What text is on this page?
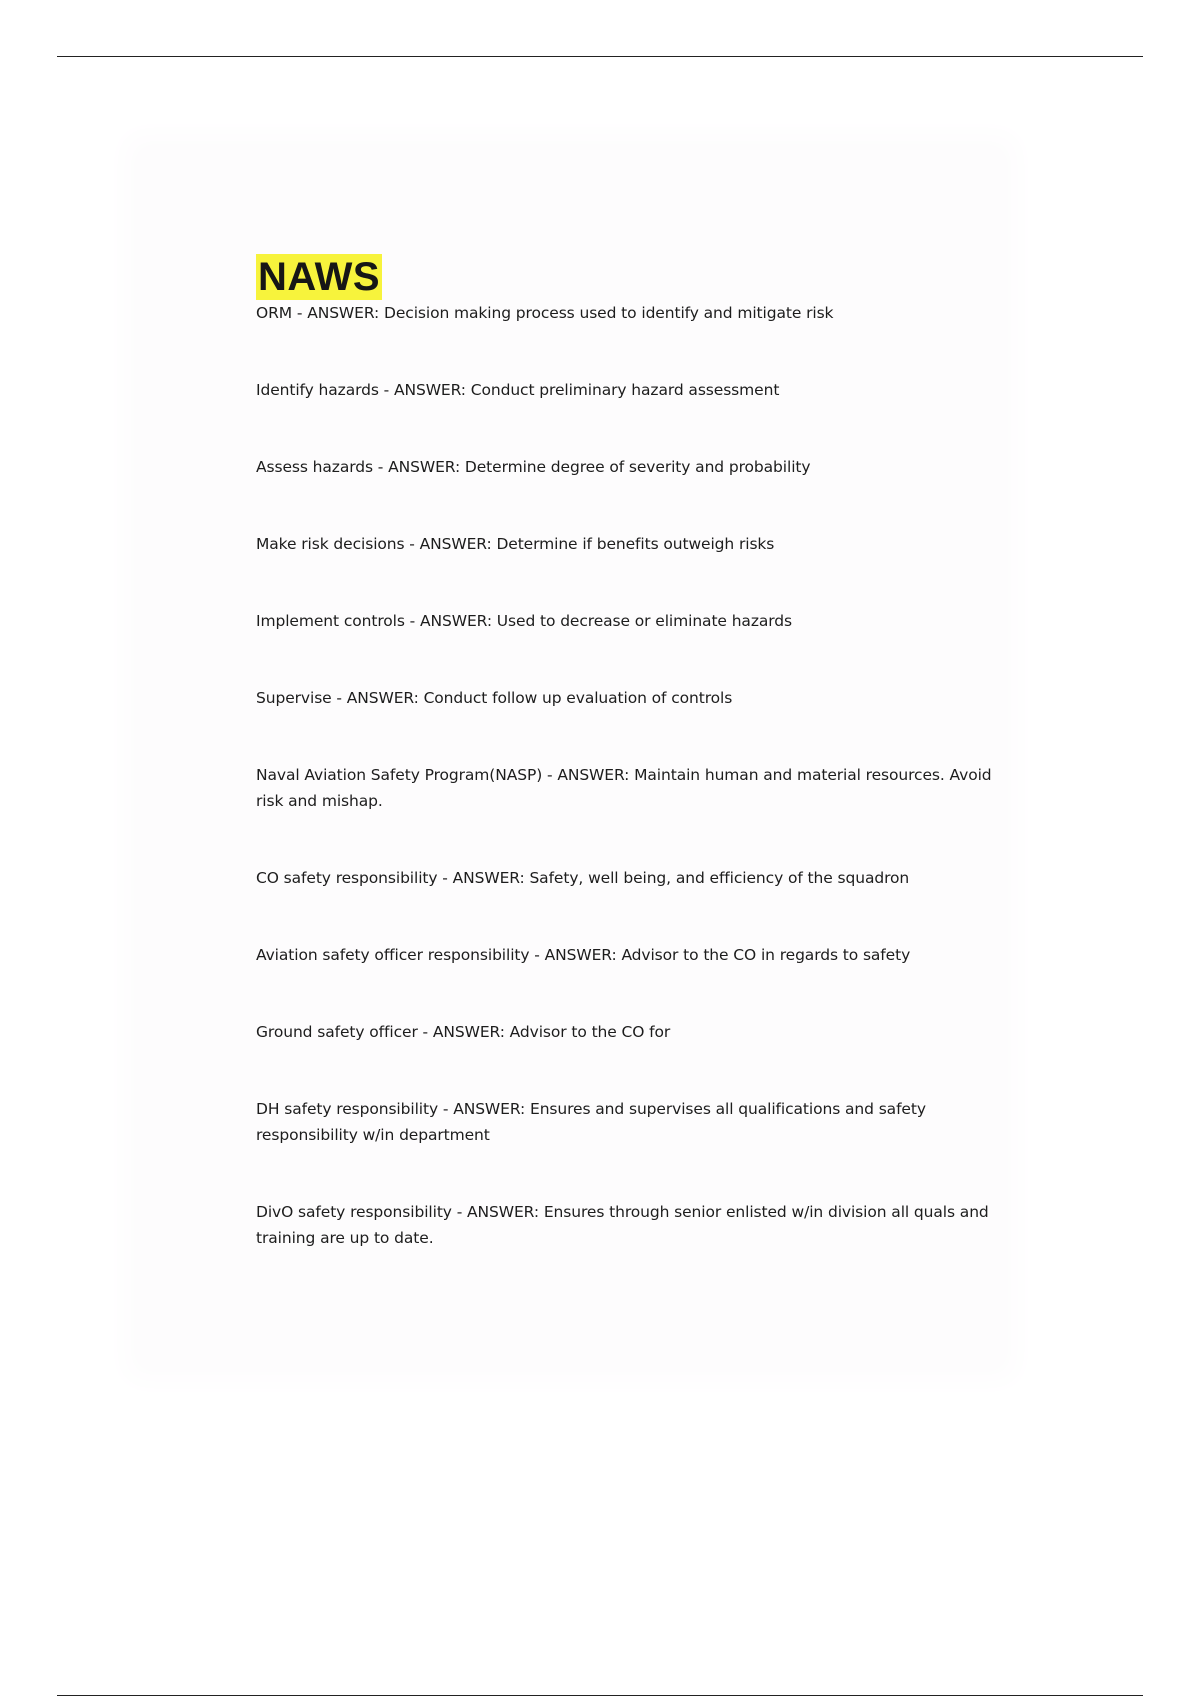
NAWS
ORM - ANSWER: Decision making process used to identify and mitigate risk
Identify hazards - ANSWER: Conduct preliminary hazard assessment
Assess hazards - ANSWER: Determine degree of severity and probability
Make risk decisions - ANSWER: Determine if benefits outweigh risks
Implement controls - ANSWER: Used to decrease or eliminate hazards
Supervise - ANSWER: Conduct follow up evaluation of controls
Naval Aviation Safety Program(NASP) - ANSWER: Maintain human and material resources. Avoid risk and mishap.
CO safety responsibility - ANSWER: Safety, well being, and efficiency of the squadron
Aviation safety officer responsibility - ANSWER: Advisor to the CO in regards to safety
Ground safety officer - ANSWER: Advisor to the CO for
DH safety responsibility - ANSWER: Ensures and supervises all qualifications and safety responsibility w/in department
DivO safety responsibility - ANSWER: Ensures through senior enlisted w/in division all quals and training are up to date.
